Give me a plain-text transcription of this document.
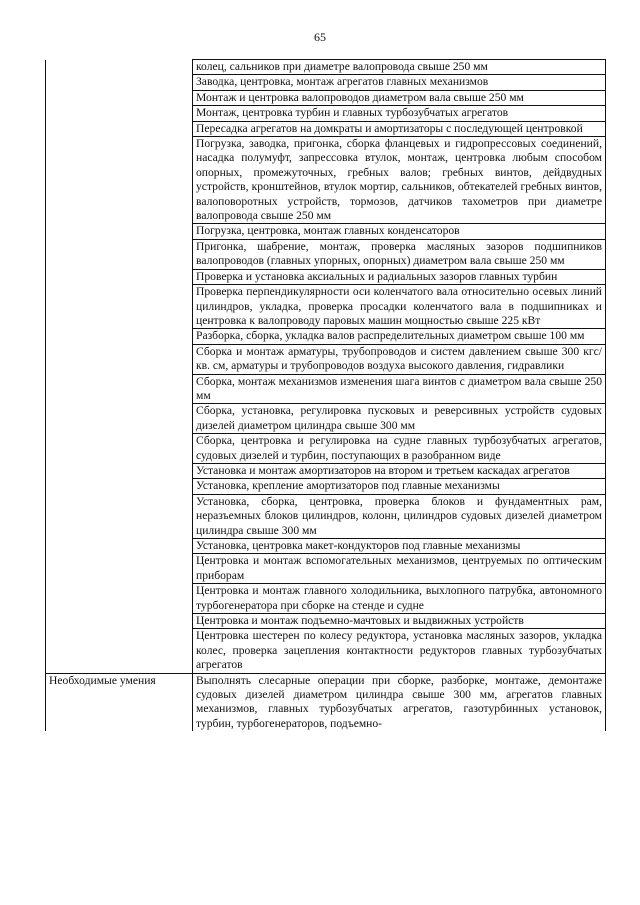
65
	колец, сальников при диаметре валопровода свыше 250 мм
	Заводка, центровка, монтаж агрегатов главных механизмов
	Монтаж и центровка валопроводов диаметром вала свыше 250 мм
	Монтаж, центровка турбин и главных турбозубчатых агрегатов
	Пересадка агрегатов на домкраты и амортизаторы с последующей центровкой
	Погрузка, заводка, пригонка, сборка фланцевых и гидропрессовых соединений, насадка полумуфт, запрессовка втулок, монтаж, центровка любым способом опорных, промежуточных, гребных валов; гребных винтов, дейдвудных устройств, кронштейнов, втулок мортир, сальников, обтекателей гребных винтов, валоповоротных устройств, тормозов, датчиков тахометров при диаметре валопровода свыше 250 мм
	Погрузка, центровка, монтаж главных конденсаторов
	Пригонка, шабрение, монтаж, проверка масляных зазоров подшипников валопроводов (главных упорных, опорных) диаметром вала свыше 250 мм
	Проверка и установка аксиальных и радиальных зазоров главных турбин
	Проверка перпендикулярности оси коленчатого вала относительно осевых линий цилиндров, укладка, проверка просадки коленчатого вала в подшипниках и центровка к валопроводу паровых машин мощностью свыше 225 кВт
	Разборка, сборка, укладка валов распределительных диаметром свыше 100 мм
	Сборка и монтаж арматуры, трубопроводов и систем давлением свыше 300 кгс/кв. см, арматуры и трубопроводов воздуха высокого давления, гидравлики
	Сборка, монтаж механизмов изменения шага винтов с диаметром вала свыше 250 мм
	Сборка, установка, регулировка пусковых и реверсивных устройств судовых дизелей диаметром цилиндра свыше 300 мм
	Сборка, центровка и регулировка на судне главных турбозубчатых агрегатов, судовых дизелей и турбин, поступающих в разобранном виде
	Установка и монтаж амортизаторов на втором и третьем каскадах агрегатов
	Установка, крепление амортизаторов под главные механизмы
	Установка, сборка, центровка, проверка блоков и фундаментных рам, неразъемных блоков цилиндров, колонн, цилиндров судовых дизелей диаметром цилиндра свыше 300 мм
	Установка, центровка макет-кондукторов под главные механизмы
	Центровка и монтаж вспомогательных механизмов, центруемых по оптическим приборам
	Центровка и монтаж главного холодильника, выхлопного патрубка, автономного турбогенератора при сборке на стенде и судне
	Центровка и монтаж подъемно-мачтовых и выдвижных устройств
	Центровка шестерен по колесу редуктора, установка масляных зазоров, укладка колес, проверка зацепления контактности редукторов главных турбозубчатых агрегатов
Необходимые умения	Выполнять слесарные операции при сборке, разборке, монтаже, демонтаже судовых дизелей диаметром цилиндра свыше 300 мм, агрегатов главных механизмов, главных турбозубчатых агрегатов, газотурбинных установок, турбин, турбогенераторов, подъемно-
